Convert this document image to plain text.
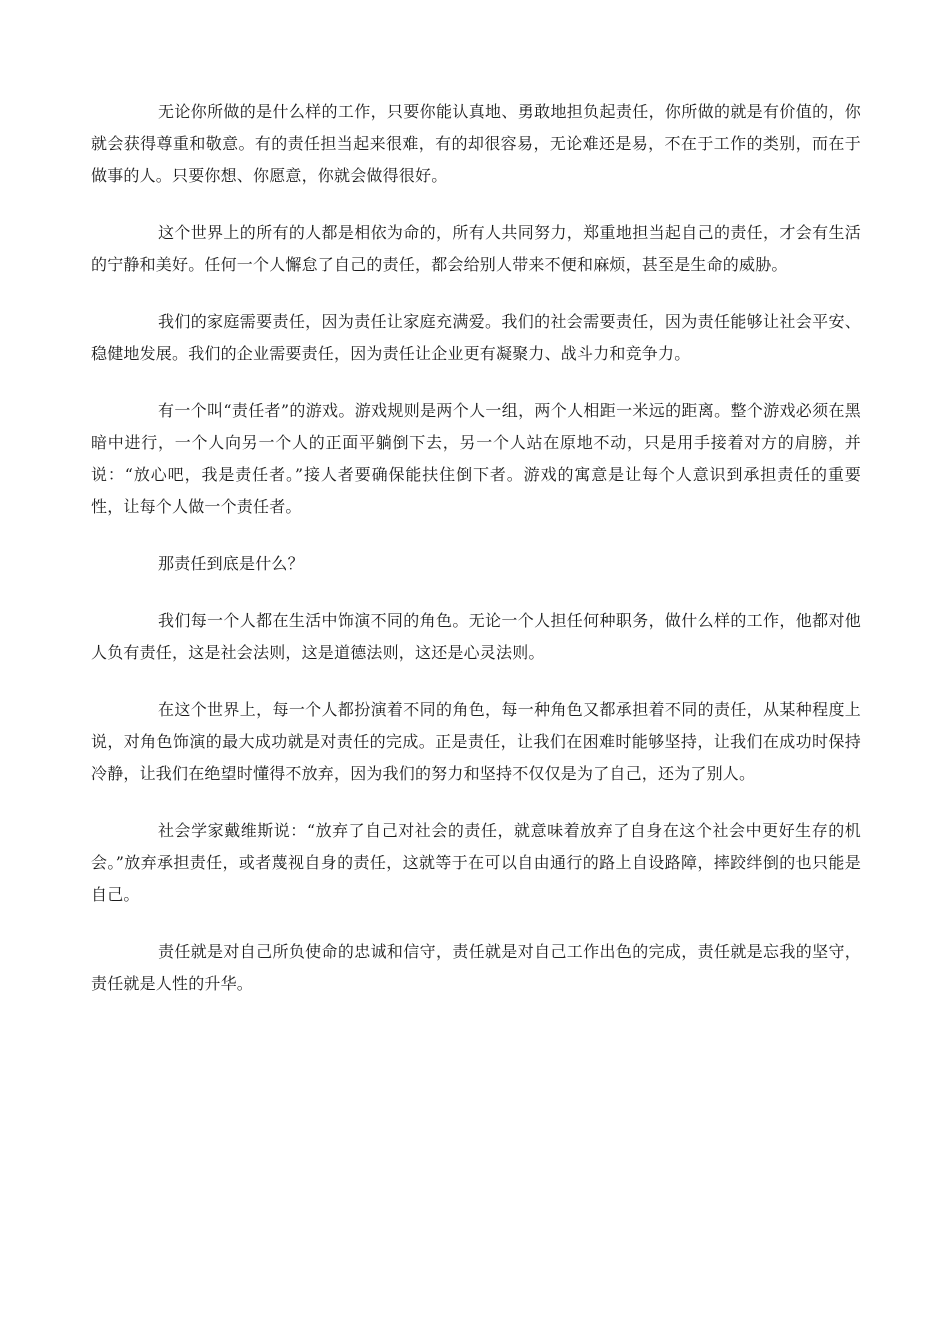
无论你所做的是什么样的工作，只要你能认真地、勇敢地担负起责任，你所做的就是有价值的，你就会获得尊重和敬意。有的责任担当起来很难，有的却很容易，无论难还是易，不在于工作的类别，而在于做事的人。只要你想、你愿意，你就会做得很好。

这个世界上的所有的人都是相依为命的，所有人共同努力，郑重地担当起自己的责任，才会有生活的宁静和美好。任何一个人懈怠了自己的责任，都会给别人带来不便和麻烦，甚至是生命的威胁。

我们的家庭需要责任，因为责任让家庭充满爱。我们的社会需要责任，因为责任能够让社会平安、稳健地发展。我们的企业需要责任，因为责任让企业更有凝聚力、战斗力和竞争力。

有一个叫“责任者”的游戏。游戏规则是两个人一组，两个人相距一米远的距离。整个游戏必须在黑暗中进行，一个人向另一个人的正面平躺倒下去，另一个人站在原地不动，只是用手接着对方的肩膀，并说：“放心吧，我是责任者。”接人者要确保能扶住倒下者。游戏的寓意是让每个人意识到承担责任的重要性，让每个人做一个责任者。

那责任到底是什么？

我们每一个人都在生活中饰演不同的角色。无论一个人担任何种职务，做什么样的工作，他都对他人负有责任，这是社会法则，这是道德法则，这还是心灵法则。

在这个世界上，每一个人都扮演着不同的角色，每一种角色又都承担着不同的责任，从某种程度上说，对角色饰演的最大成功就是对责任的完成。正是责任，让我们在困难时能够坚持，让我们在成功时保持冷静，让我们在绝望时懂得不放弃，因为我们的努力和坚持不仅仅是为了自己，还为了别人。

社会学家戴维斯说：“放弃了自己对社会的责任，就意味着放弃了自身在这个社会中更好生存的机会。”放弃承担责任，或者蔑视自身的责任，这就等于在可以自由通行的路上自设路障，摔跤绊倒的也只能是自己。

责任就是对自己所负使命的忠诚和信守，责任就是对自己工作出色的完成，责任就是忘我的坚守，责任就是人性的升华。
